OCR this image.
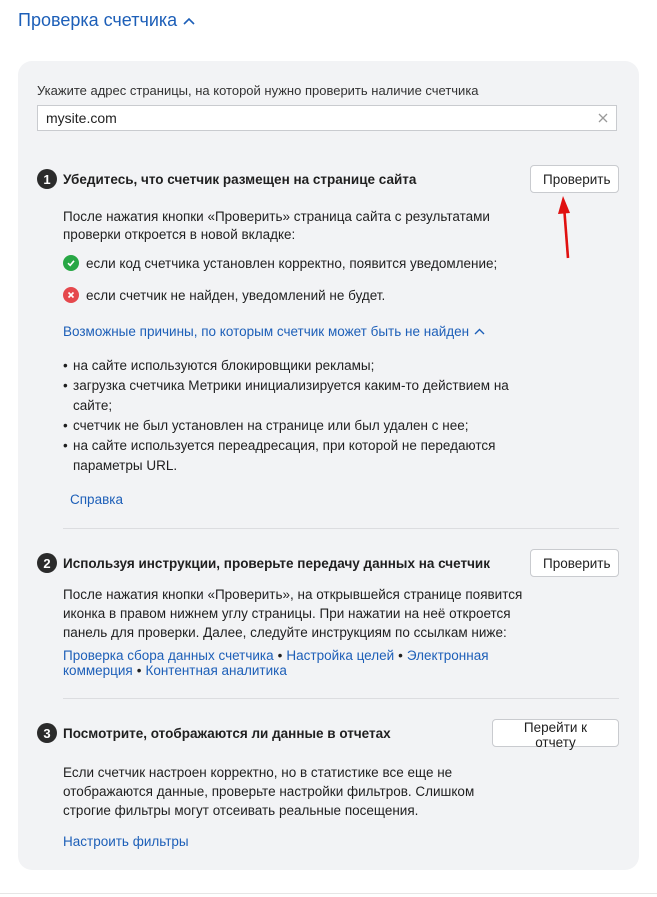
Проверка счетчика
Укажите адрес страницы, на которой нужно проверить наличие счетчика
mysite.com
1 Убедитесь, что счетчик размещен на странице сайта	Проверить
После нажатия кнопки «Проверить» страница сайта с результатами
проверки откроется в новой вкладке:
если код счетчика установлен корректно, появится уведомление;
если счетчик не найден, уведомлений не будет.
Возможные причины, по которым счетчик может быть не найден
• на сайте используются блокировщики рекламы;
• загрузка счетчика Метрики инициализируется каким-то действием на сайте;
• счетчик не был установлен на странице или был удален с нее;
• на сайте используется переадресация, при которой не передаются параметры URL.
Справка
2 Используя инструкции, проверьте передачу данных на счетчик	Проверить
После нажатия кнопки «Проверить», на открывшейся странице появится
иконка в правом нижнем углу страницы. При нажатии на неё откроется
панель для проверки. Далее, следуйте инструкциям по ссылкам ниже:
Проверка сбора данных счетчика • Настройка целей • Электронная
коммерция • Контентная аналитика
3 Посмотрите, отображаются ли данные в отчетах	Перейти к отчету
Если счетчик настроен корректно, но в статистике все еще не
отображаются данные, проверьте настройки фильтров. Слишком
строгие фильтры могут отсеивать реальные посещения.
Настроить фильтры
